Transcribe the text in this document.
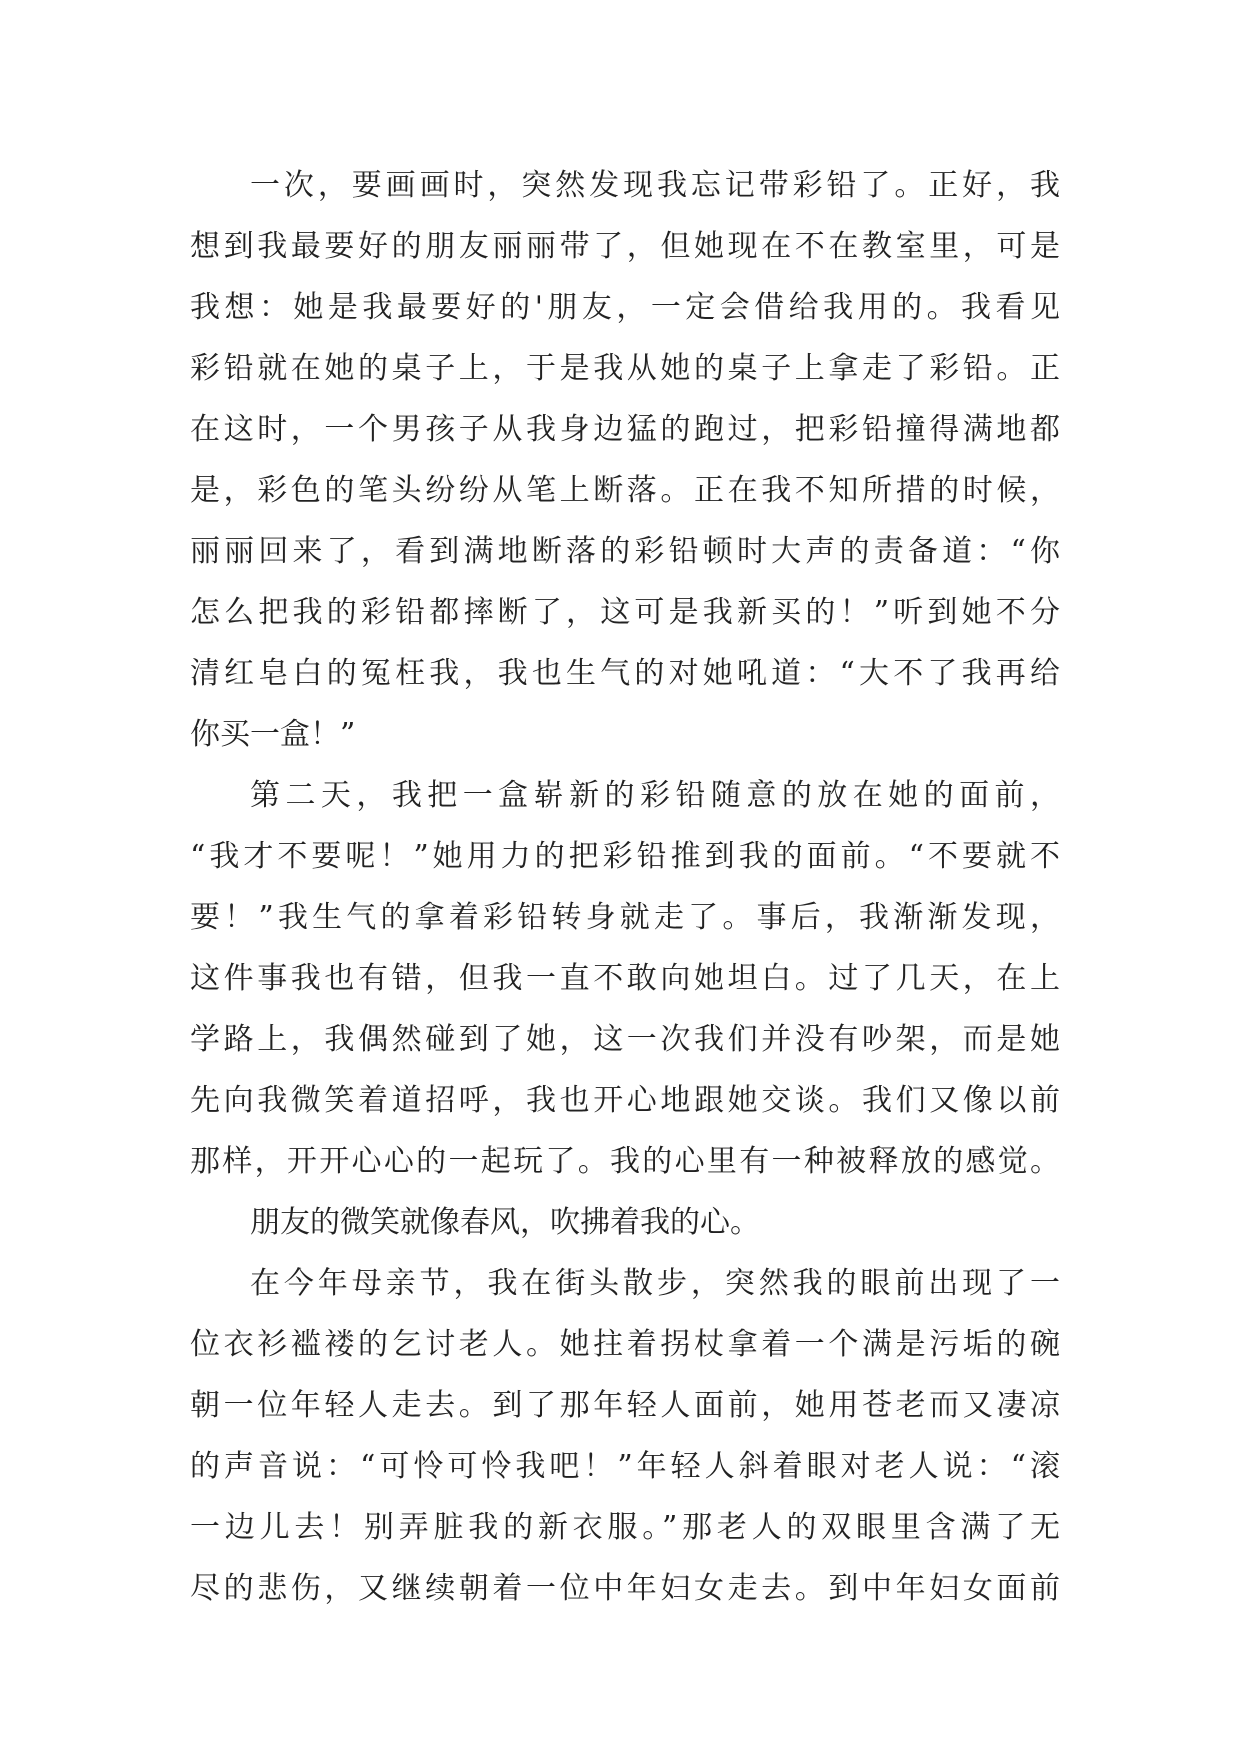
一次，要画画时，突然发现我忘记带彩铅了。正好，我
想到我最要好的朋友丽丽带了，但她现在不在教室里，可是
我想：她是我最要好的'朋友，一定会借给我用的。我看见
彩铅就在她的桌子上，于是我从她的桌子上拿走了彩铅。正
在这时，一个男孩子从我身边猛的跑过，把彩铅撞得满地都
是，彩色的笔头纷纷从笔上断落。正在我不知所措的时候，
丽丽回来了，看到满地断落的彩铅顿时大声的责备道：“你
怎么把我的彩铅都摔断了，这可是我新买的！”听到她不分
清红皂白的冤枉我，我也生气的对她吼道：“大不了我再给
你买一盒！”
第二天，我把一盒崭新的彩铅随意的放在她的面前，
“我才不要呢！”她用力的把彩铅推到我的面前。“不要就不
要！”我生气的拿着彩铅转身就走了。事后，我渐渐发现，
这件事我也有错，但我一直不敢向她坦白。过了几天，在上
学路上，我偶然碰到了她，这一次我们并没有吵架，而是她
先向我微笑着道招呼，我也开心地跟她交谈。我们又像以前
那样，开开心心的一起玩了。我的心里有一种被释放的感觉。
朋友的微笑就像春风，吹拂着我的心。
在今年母亲节，我在街头散步，突然我的眼前出现了一
位衣衫褴褛的乞讨老人。她拄着拐杖拿着一个满是污垢的碗
朝一位年轻人走去。到了那年轻人面前，她用苍老而又凄凉
的声音说：“可怜可怜我吧！”年轻人斜着眼对老人说：“滚
一边儿去！别弄脏我的新衣服。”那老人的双眼里含满了无
尽的悲伤，又继续朝着一位中年妇女走去。到中年妇女面前
